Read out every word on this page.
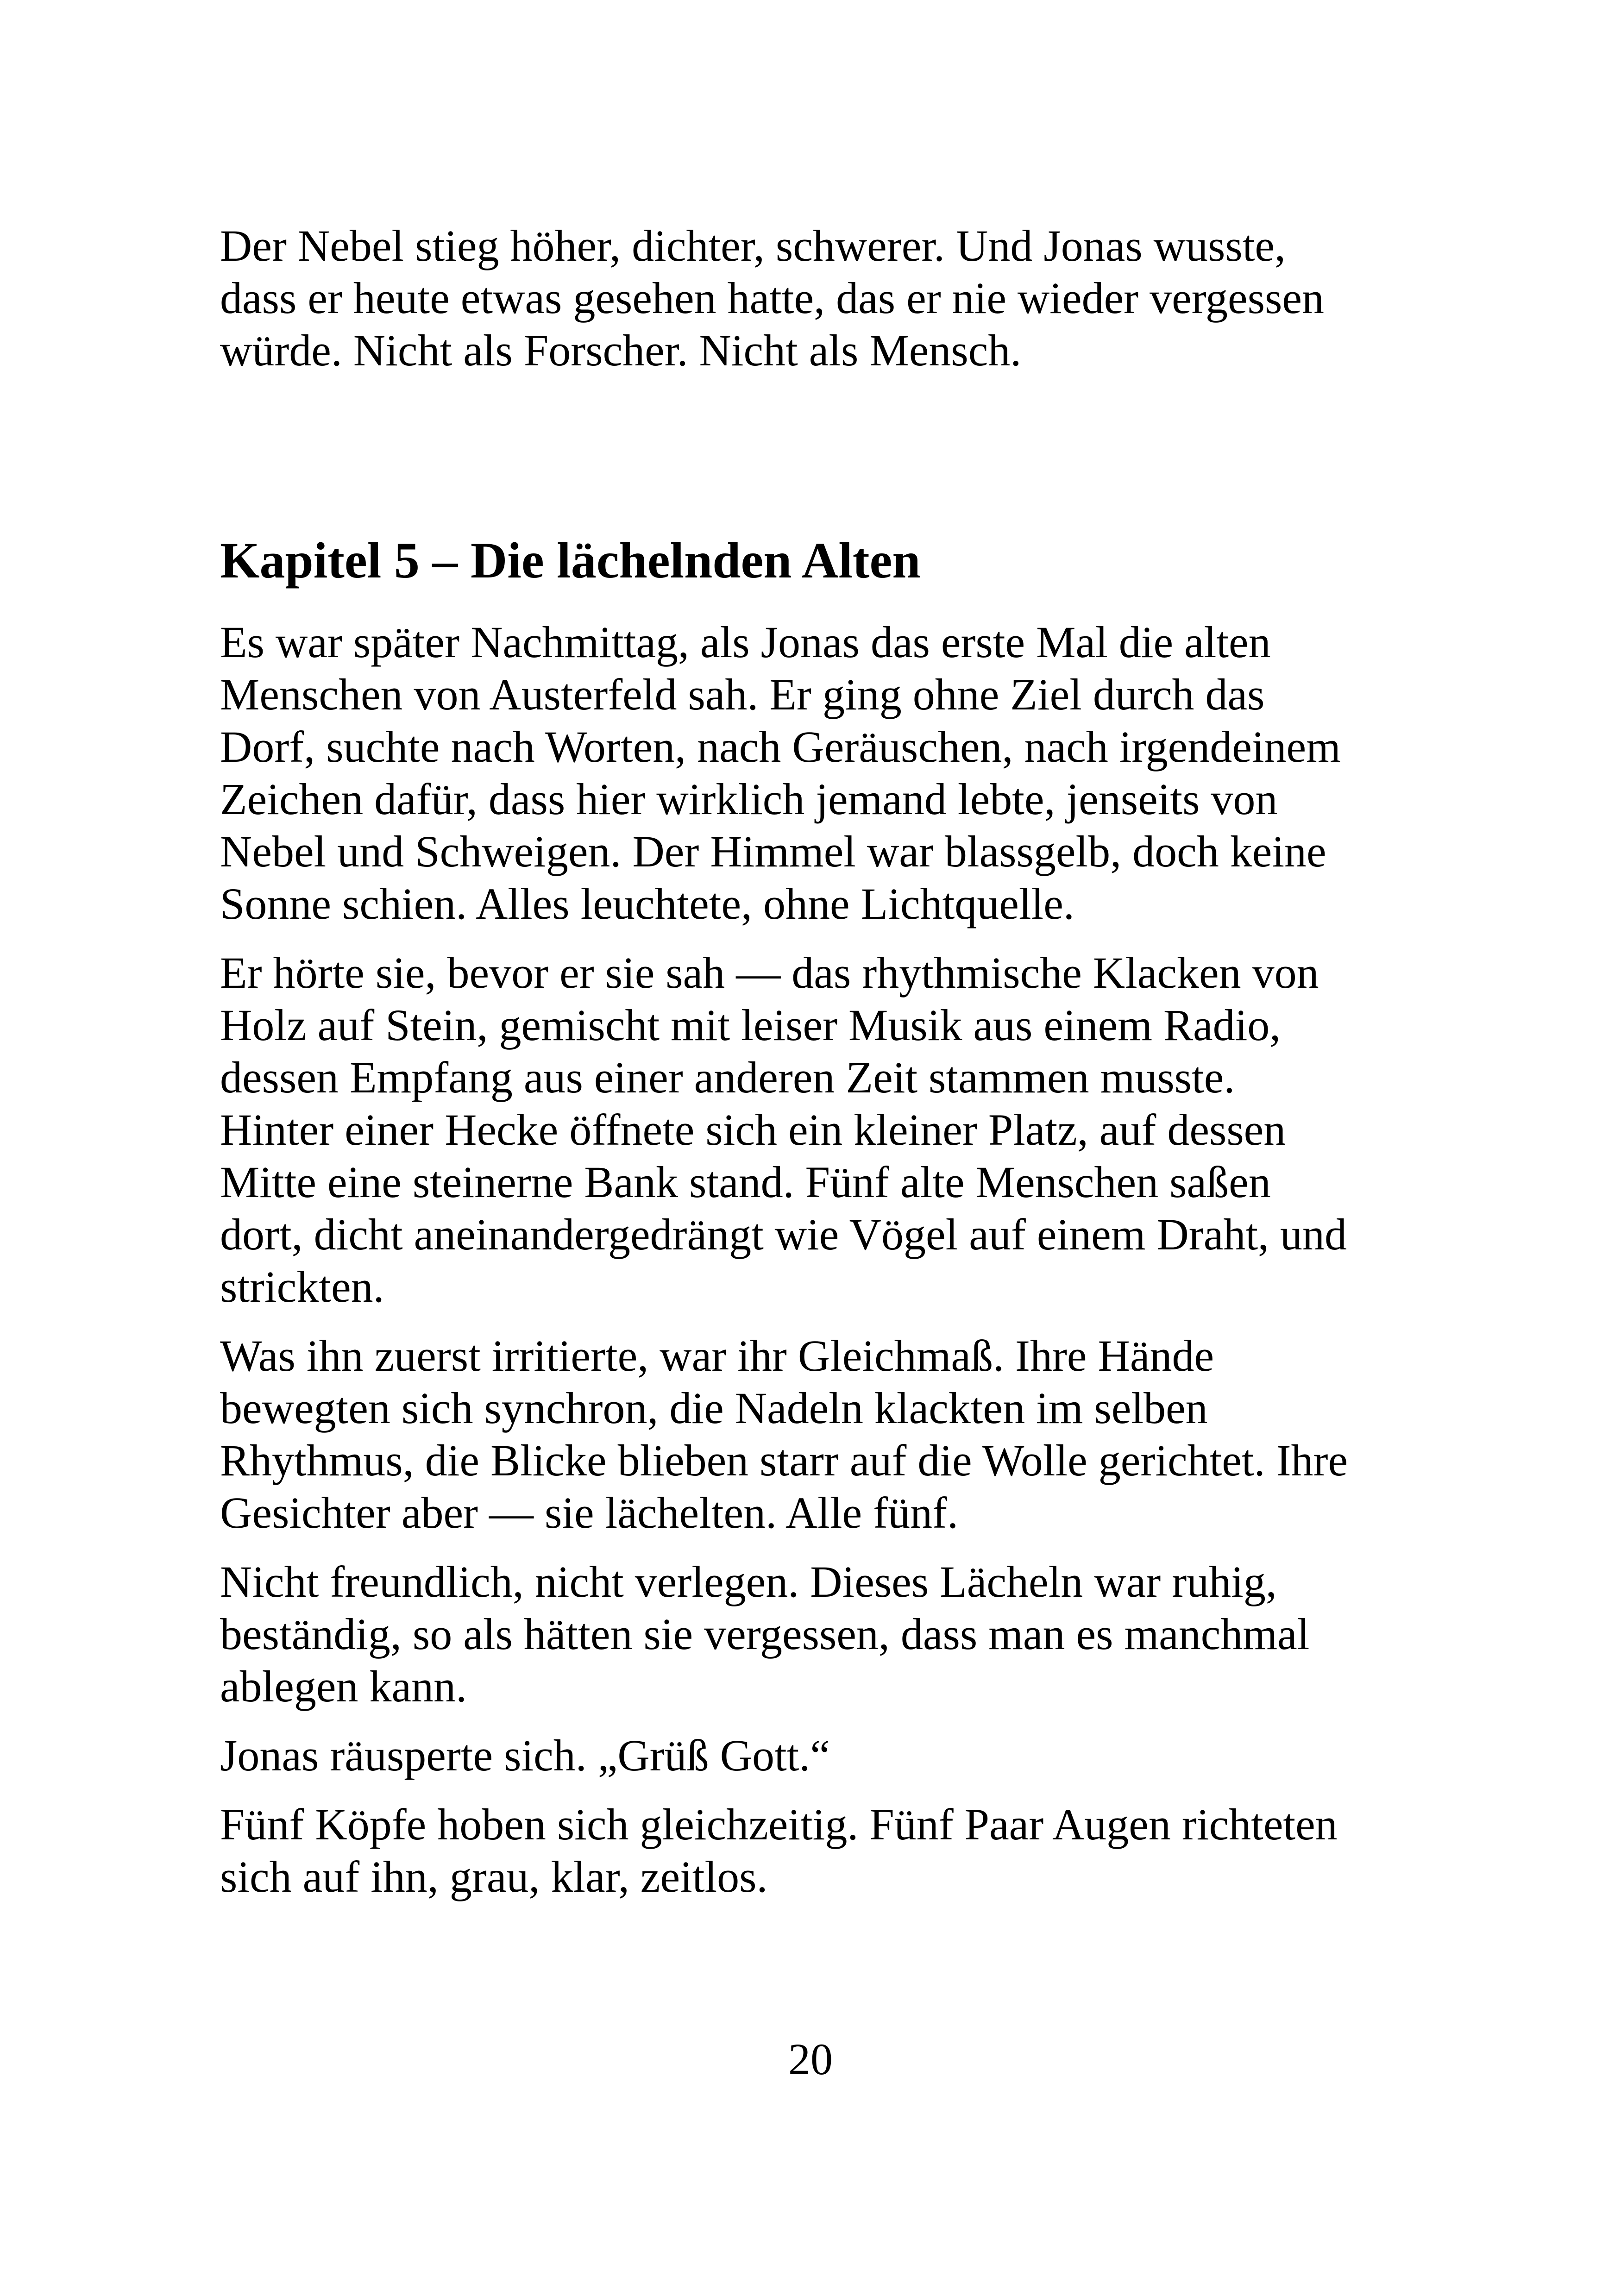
Der Nebel stieg höher, dichter, schwerer. Und Jonas wusste,
dass er heute etwas gesehen hatte, das er nie wieder vergessen
würde. Nicht als Forscher. Nicht als Mensch.

Kapitel 5 – Die lächelnden Alten

Es war später Nachmittag, als Jonas das erste Mal die alten
Menschen von Austerfeld sah. Er ging ohne Ziel durch das
Dorf, suchte nach Worten, nach Geräuschen, nach irgendeinem
Zeichen dafür, dass hier wirklich jemand lebte, jenseits von
Nebel und Schweigen. Der Himmel war blassgelb, doch keine
Sonne schien. Alles leuchtete, ohne Lichtquelle.

Er hörte sie, bevor er sie sah — das rhythmische Klacken von
Holz auf Stein, gemischt mit leiser Musik aus einem Radio,
dessen Empfang aus einer anderen Zeit stammen musste.
Hinter einer Hecke öffnete sich ein kleiner Platz, auf dessen
Mitte eine steinerne Bank stand. Fünf alte Menschen saßen
dort, dicht aneinandergedrängt wie Vögel auf einem Draht, und
strickten.

Was ihn zuerst irritierte, war ihr Gleichmaß. Ihre Hände
bewegten sich synchron, die Nadeln klackten im selben
Rhythmus, die Blicke blieben starr auf die Wolle gerichtet. Ihre
Gesichter aber — sie lächelten. Alle fünf.

Nicht freundlich, nicht verlegen. Dieses Lächeln war ruhig,
beständig, so als hätten sie vergessen, dass man es manchmal
ablegen kann.

Jonas räusperte sich. „Grüß Gott.“

Fünf Köpfe hoben sich gleichzeitig. Fünf Paar Augen richteten
sich auf ihn, grau, klar, zeitlos.

20
